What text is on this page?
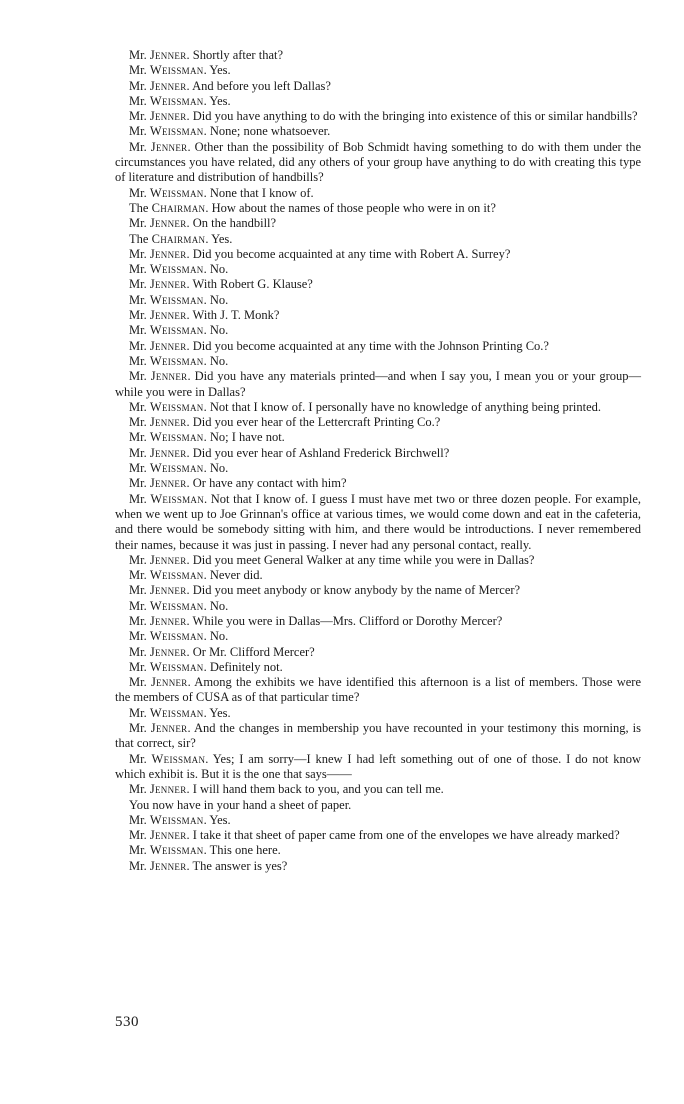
Mr. Jenner. Shortly after that?

Mr. Weissman. Yes.

Mr. Jenner. And before you left Dallas?

Mr. Weissman. Yes.

Mr. Jenner. Did you have anything to do with the bringing into existence of this or similar handbills?

Mr. Weissman. None; none whatsoever.

Mr. Jenner. Other than the possibility of Bob Schmidt having something to do with them under the circumstances you have related, did any others of your group have anything to do with creating this type of literature and distribution of handbills?

Mr. Weissman. None that I know of.

The Chairman. How about the names of those people who were in on it?

Mr. Jenner. On the handbill?

The Chairman. Yes.

Mr. Jenner. Did you become acquainted at any time with Robert A. Surrey?

Mr. Weissman. No.

Mr. Jenner. With Robert G. Klause?

Mr. Weissman. No.

Mr. Jenner. With J. T. Monk?

Mr. Weissman. No.

Mr. Jenner. Did you become acquainted at any time with the Johnson Printing Co.?

Mr. Weissman. No.

Mr. Jenner. Did you have any materials printed—and when I say you, I mean you or your group—while you were in Dallas?

Mr. Weissman. Not that I know of. I personally have no knowledge of anything being printed.

Mr. Jenner. Did you ever hear of the Lettercraft Printing Co.?

Mr. Weissman. No; I have not.

Mr. Jenner. Did you ever hear of Ashland Frederick Birchwell?

Mr. Weissman. No.

Mr. Jenner. Or have any contact with him?

Mr. Weissman. Not that I know of. I guess I must have met two or three dozen people. For example, when we went up to Joe Grinnan's office at various times, we would come down and eat in the cafeteria, and there would be somebody sitting with him, and there would be introductions. I never remembered their names, because it was just in passing. I never had any personal contact, really.

Mr. Jenner. Did you meet General Walker at any time while you were in Dallas?

Mr. Weissman. Never did.

Mr. Jenner. Did you meet anybody or know anybody by the name of Mercer?

Mr. Weissman. No.

Mr. Jenner. While you were in Dallas—Mrs. Clifford or Dorothy Mercer?

Mr. Weissman. No.

Mr. Jenner. Or Mr. Clifford Mercer?

Mr. Weissman. Definitely not.

Mr. Jenner. Among the exhibits we have identified this afternoon is a list of members. Those were the members of CUSA as of that particular time?

Mr. Weissman. Yes.

Mr. Jenner. And the changes in membership you have recounted in your testimony this morning, is that correct, sir?

Mr. Weissman. Yes; I am sorry—I knew I had left something out of one of those. I do not know which exhibit is. But it is the one that says——

Mr. Jenner. I will hand them back to you, and you can tell me.

You now have in your hand a sheet of paper.

Mr. Weissman. Yes.

Mr. Jenner. I take it that sheet of paper came from one of the envelopes we have already marked?

Mr. Weissman. This one here.

Mr. Jenner. The answer is yes?

530
